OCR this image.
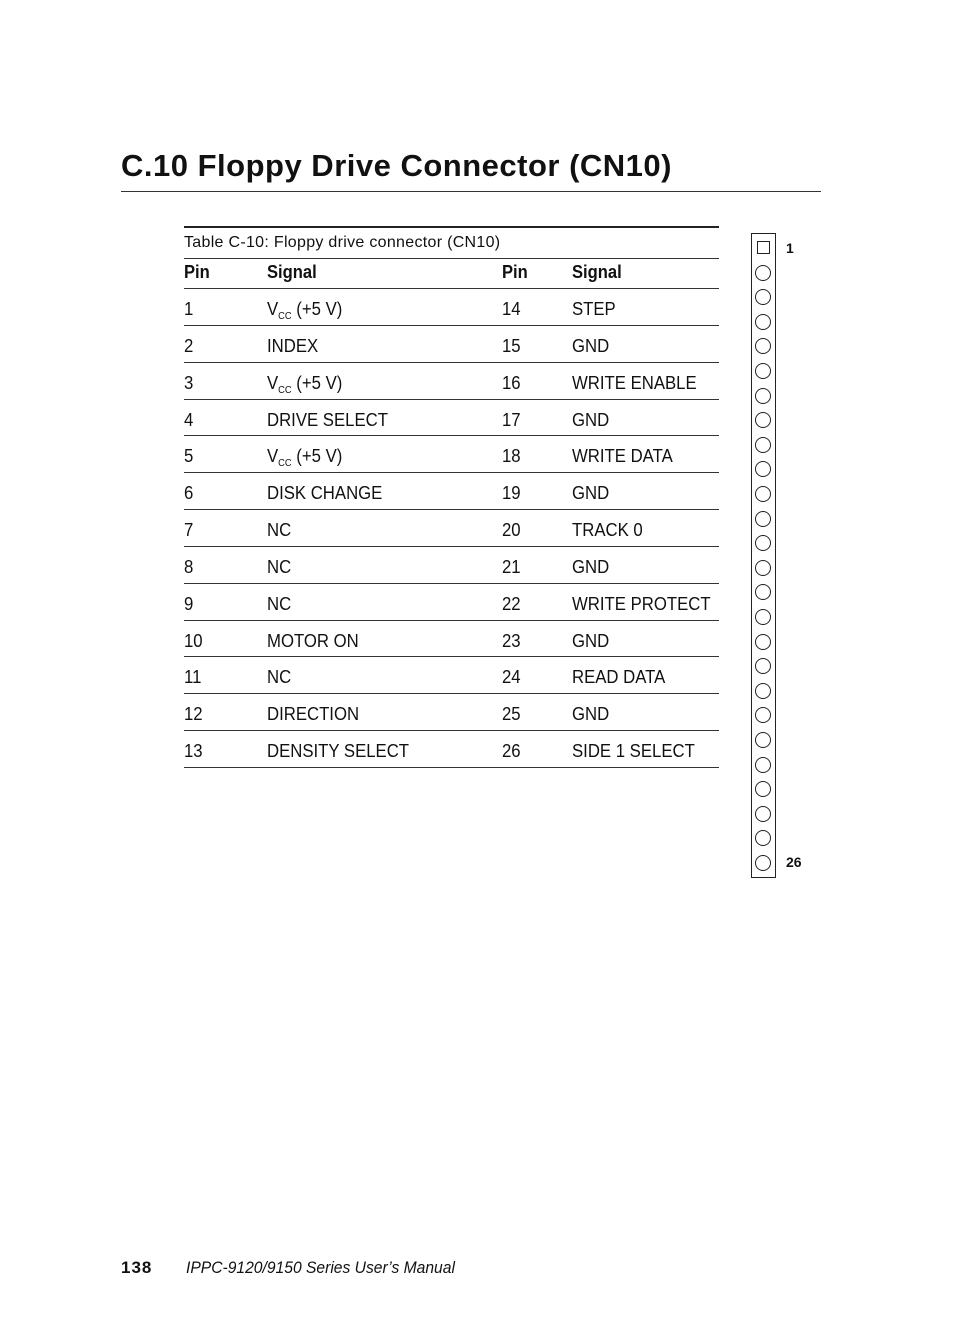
C.10 Floppy Drive Connector (CN10)
Table C-10: Floppy drive connector (CN10)
Pin	Signal	Pin Signal
1	$V_{CC}$ (+5 V)	14	STEP
2	INDEX	15	GND
3	$V_{CC}$ (+5 V)	16	WRITE ENABLE
4	DRIVE SELECT	17	GND
5	$V_{CC}$ (+5 V)	18	WRITE DATA
6	DISK CHANGE	19	GND
7	NC	20	TRACK 0
8	NC	21	GND
9	NC	22	WRITE PROTECT
10	MOTOR ON	23	GND
11	NC	24	READ DATA
12	DIRECTION	25	GND
13	DENSITY SELECT	26	SIDE 1 SELECT
1
26
138 IPPC-9120/9150 Series User’s Manual
